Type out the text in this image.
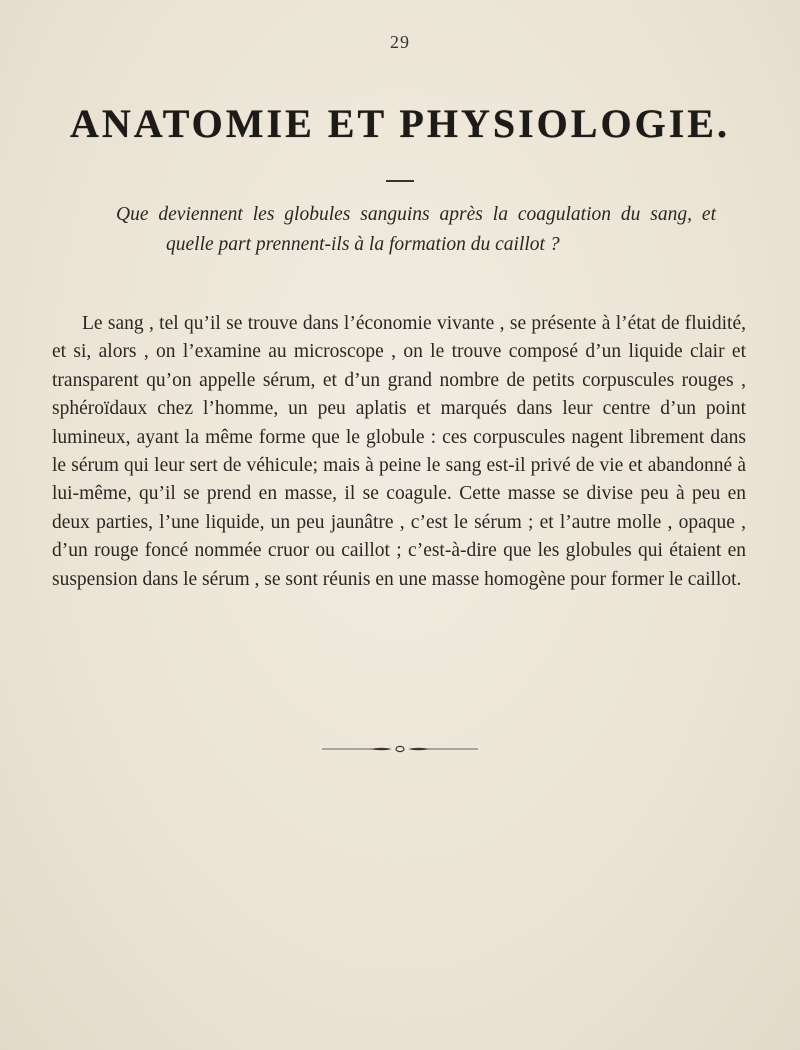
29
ANATOMIE ET PHYSIOLOGIE.
Que deviennent les globules sanguins après la coagulation du sang, et
quelle part prennent-ils à la formation du caillot ?

Le sang , tel qu’il se trouve dans l’économie vivante , se présente à l’état de fluidité, et si, alors , on l’examine au microscope , on le trouve composé d’un liquide clair et transparent qu’on appelle sérum, et d’un grand nombre de petits corpuscules rouges , sphéroïdaux chez l’homme, un peu aplatis et marqués dans leur centre d’un point lumineux, ayant la même forme que le globule : ces corpuscules nagent librement dans le sérum qui leur sert de véhicule; mais à peine le sang est-il privé de vie et abandonné à lui-même, qu’il se prend en masse, il se coagule. Cette masse se divise peu à peu en deux parties, l’une liquide, un peu jaunâtre , c’est le sérum ; et l’autre molle , opaque , d’un rouge foncé nommée cruor ou caillot ; c’est-à-dire que les globules qui étaient en suspension dans le sérum , se sont réunis en une masse homogène pour former le caillot.
